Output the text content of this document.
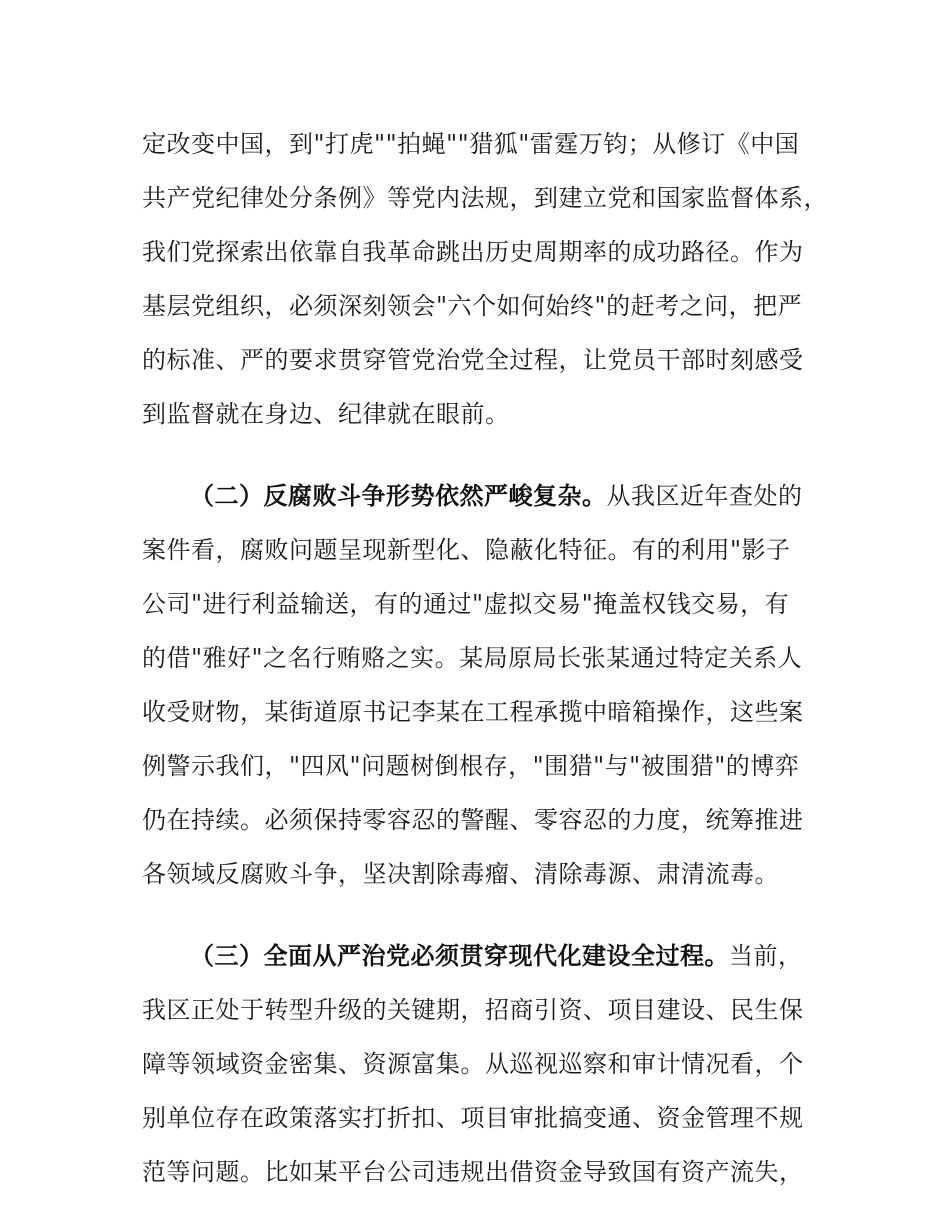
定改变中国，到"打虎""拍蝇""猎狐"雷霆万钧；从修订《中国
共产党纪律处分条例》等党内法规，到建立党和国家监督体系，
我们党探索出依靠自我革命跳出历史周期率的成功路径。作为
基层党组织，必须深刻领会"六个如何始终"的赶考之问，把严
的标准、严的要求贯穿管党治党全过程，让党员干部时刻感受
到监督就在身边、纪律就在眼前。
（二）反腐败斗争形势依然严峻复杂。从我区近年查处的
案件看，腐败问题呈现新型化、隐蔽化特征。有的利用"影子
公司"进行利益输送，有的通过"虚拟交易"掩盖权钱交易，有
的借"雅好"之名行贿赂之实。某局原局长张某通过特定关系人
收受财物，某街道原书记李某在工程承揽中暗箱操作，这些案
例警示我们，"四风"问题树倒根存，"围猎"与"被围猎"的博弈
仍在持续。必须保持零容忍的警醒、零容忍的力度，统筹推进
各领域反腐败斗争，坚决割除毒瘤、清除毒源、肃清流毒。
（三）全面从严治党必须贯穿现代化建设全过程。当前，
我区正处于转型升级的关键期，招商引资、项目建设、民生保
障等领域资金密集、资源富集。从巡视巡察和审计情况看，个
别单位存在政策落实打折扣、项目审批搞变通、资金管理不规
范等问题。比如某平台公司违规出借资金导致国有资产流失，
